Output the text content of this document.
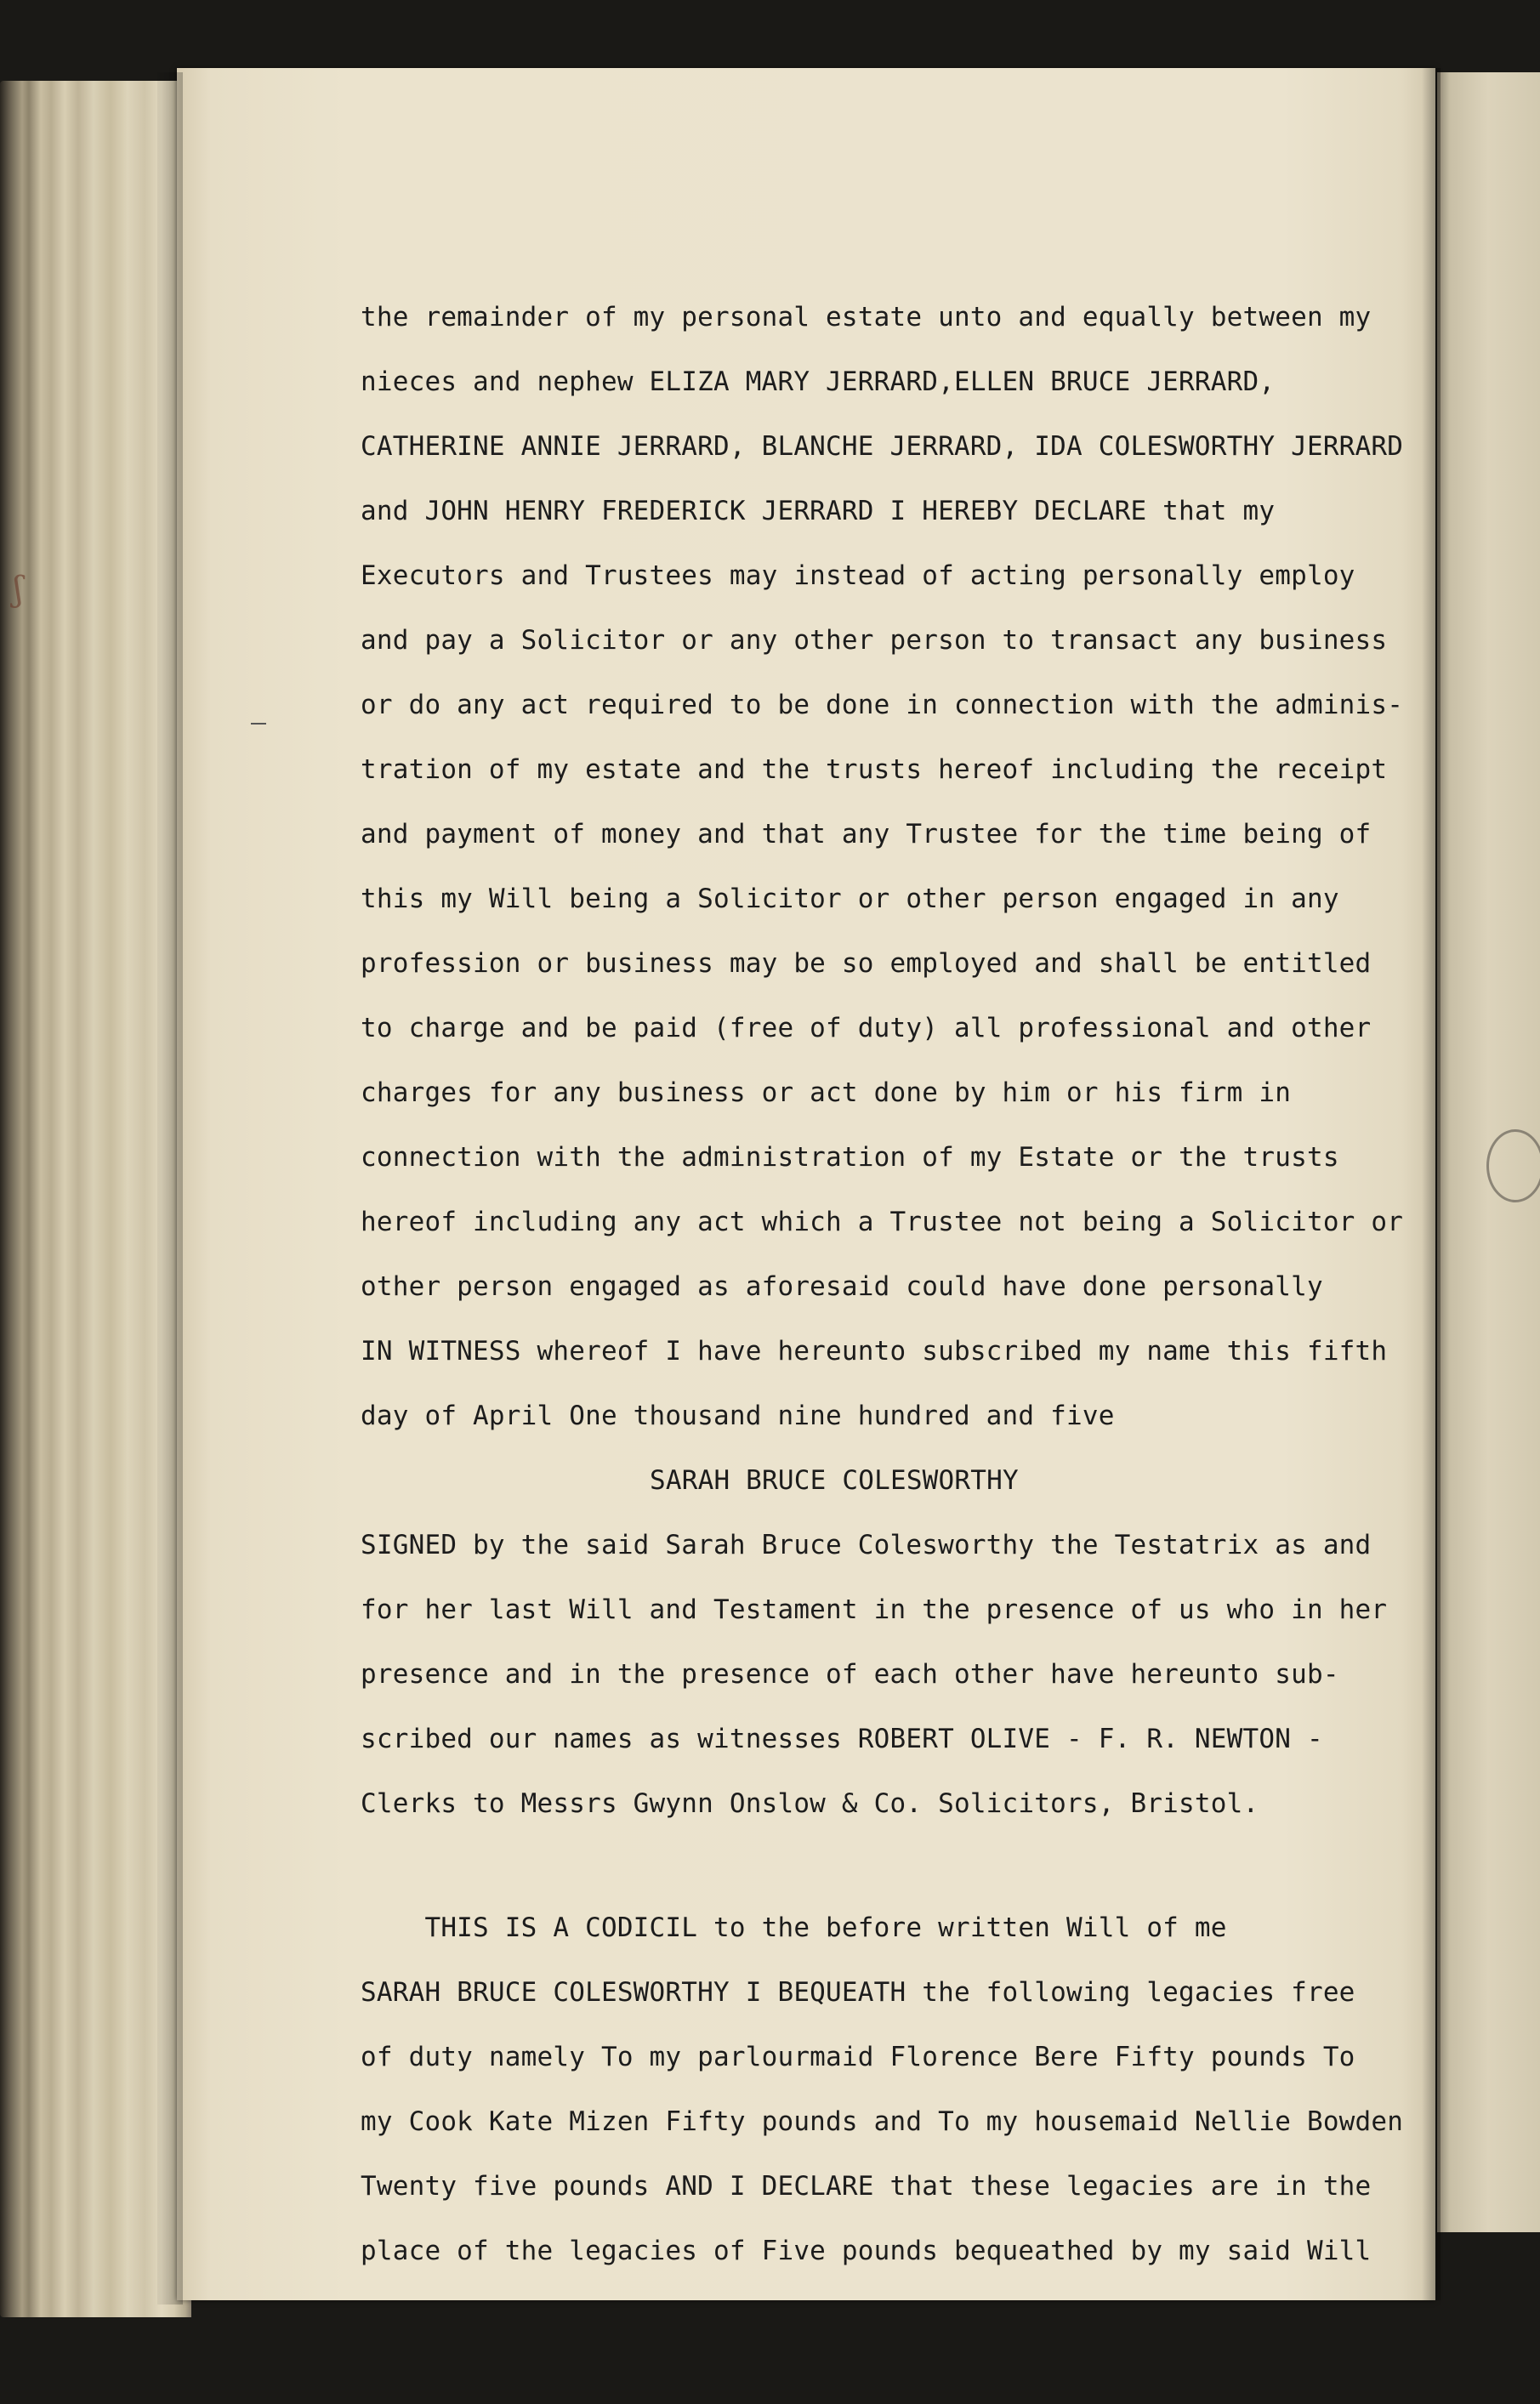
ʃ
the remainder of my personal estate unto and equally between my
nieces and nephew ELIZA MARY JERRARD,ELLEN BRUCE JERRARD,
CATHERINE ANNIE JERRARD, BLANCHE JERRARD, IDA COLESWORTHY JERRARD
and JOHN HENRY FREDERICK JERRARD I HEREBY DECLARE that my
Executors and Trustees may instead of acting personally employ
and pay a Solicitor or any other person to transact any business
or do any act required to be done in connection with the adminis-
tration of my estate and the trusts hereof including the receipt
and payment of money and that any Trustee for the time being of
this my Will being a Solicitor or other person engaged in any
profession or business may be so employed and shall be entitled
to charge and be paid (free of duty) all professional and other
charges for any business or act done by him or his firm in
connection with the administration of my Estate or the trusts
hereof including any act which a Trustee not being a Solicitor or
other person engaged as aforesaid could have done personally
IN WITNESS whereof I have hereunto subscribed my name this fifth
day of April One thousand nine hundred and five
SARAH BRUCE COLESWORTHY
SIGNED by the said Sarah Bruce Colesworthy the Testatrix as and
for her last Will and Testament in the presence of us who in her
presence and in the presence of each other have hereunto sub-
scribed our names as witnesses ROBERT OLIVE - F. R. NEWTON -
Clerks to Messrs Gwynn Onslow & Co. Solicitors, Bristol.
THIS IS A CODICIL to the before written Will of me
SARAH BRUCE COLESWORTHY I BEQUEATH the following legacies free
of duty namely To my parlourmaid Florence Bere Fifty pounds To
my Cook Kate Mizen Fifty pounds and To my housemaid Nellie Bowden
Twenty five pounds AND I DECLARE that these legacies are in the
place of the legacies of Five pounds bequeathed by my said Will
